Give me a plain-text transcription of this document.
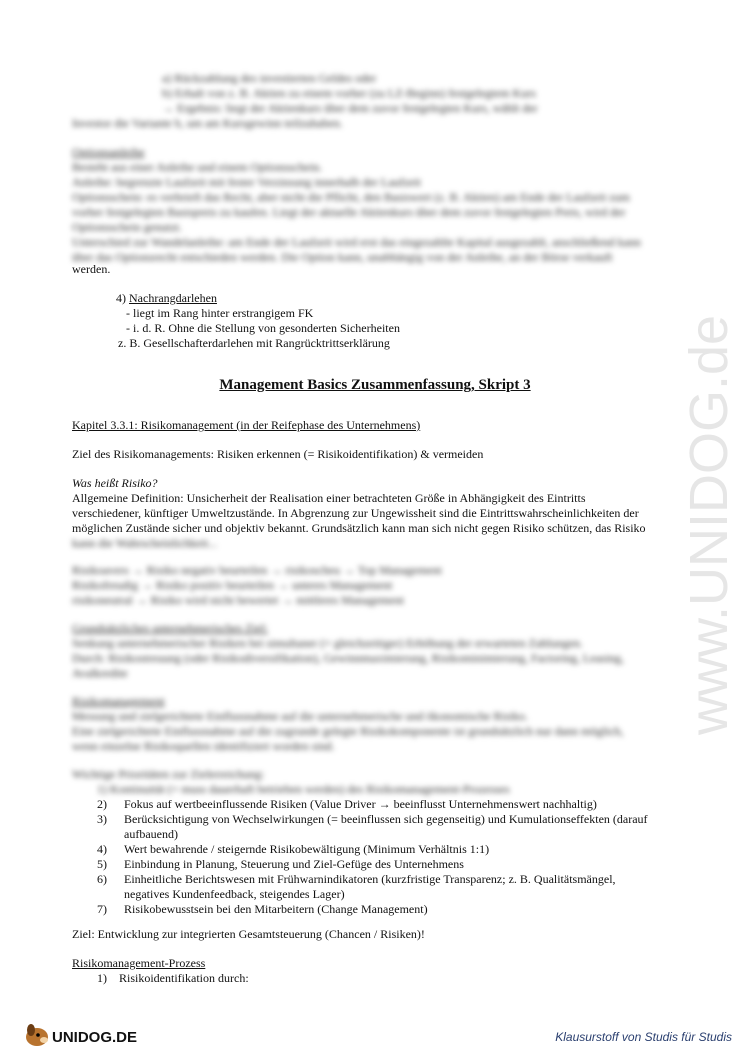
a) Rückzahlung des investierten Geldes oder
b) Erhalt von z. B. Aktien zu einem vorher (zu LZ-Beginn) festgelegtem Kurs
→ Ergebnis: liegt der Aktienkurs über dem zuvor festgelegten Kurs, wählt der
Investor die Variante b, um am Kursgewinn teilzuhaben.
Optionsanleihe
Besteht aus einer Anleihe und einem Optionsschein.
Anleihe: begrenzte Laufzeit mit fester Verzinsung innerhalb der Laufzeit
Optionsschein: es verbrieft das Recht, aber nicht die Pflicht, den Basiswert (z. B. Aktien) am Ende der Laufzeit zum
vorher festgelegten Basispreis zu kaufen. Liegt der aktuelle Aktienkurs über dem zuvor festgelegten Preis, wird der
Optionsschein genutzt.
Unterschied zur Wandelanleihe: am Ende der Laufzeit wird erst das eingezahlte Kapital ausgezahlt, anschließend kann
über das Optionsrecht entschieden werden. Die Option kann, unabhängig von der Anleihe, an der Börse verkauft
werden.
4) Nachrangdarlehen
- liegt im Rang hinter erstrangigem FK
- i. d. R. Ohne die Stellung von gesonderten Sicherheiten
z. B. Gesellschafterdarlehen mit Rangrücktrittserklärung
Management Basics Zusammenfassung, Skript 3
Kapitel 3.3.1: Risikomanagement (in der Reifephase des Unternehmens)
Ziel des Risikomanagements: Risiken erkennen (= Risikoidentifikation) & vermeiden
Was heißt Risiko?
Allgemeine Definition: Unsicherheit der Realisation einer betrachteten Größe in Abhängigkeit des Eintritts
verschiedener, künftiger Umweltzustände. In Abgrenzung zur Ungewissheit sind die Eintrittswahrscheinlichkeiten der
möglichen Zustände sicher und objektiv bekannt. Grundsätzlich kann man sich nicht gegen Risiko schützen, das Risiko
kann die Wahrscheinlichkeit...
Risikoavers → Risiko negativ beurteilen → risikoscheu → Top Management
Risikofreudig → Risiko positiv beurteilen → unteres Management
risikoneutral → Risiko wird nicht bewertet → mittleres Management
Grundsätzliches unternehmerisches Ziel:
Senkung unternehmerischer Risiken bei simultaner (= gleichzeitiger) Erhöhung der erwarteten Zahlungen.
Durch: Risikostreuung (oder Risikodiversifikation), Gewinnmaximierung, Risikominimierung, Factoring, Leasing,
Avalkredite
Risikomanagement
Messung und zielgerichtete Einflussnahme auf die unternehmerische und ökonomische Risiko.
Eine zielgerichtete Einflussnahme auf die zugrunde gelegte Risikokomponente ist grundsätzlich nur dann möglich,
wenn einzelne Risikoquellen identifiziert worden sind.
Wichtige Prioritäten zur Zielerreichung:
1) Kontinuität (= muss dauerhaft betrieben werden) des Risikomanagement-Prozesses
2) Fokus auf wertbeeinflussende Risiken (Value Driver → beeinflusst Unternehmenswert nachhaltig)
3) Berücksichtigung von Wechselwirkungen (= beeinflussen sich gegenseitig) und Kumulationseffekten (darauf
aufbauend)
4) Wert bewahrende / steigernde Risikobewältigung (Minimum Verhältnis 1:1)
5) Einbindung in Planung, Steuerung und Ziel-Gefüge des Unternehmens
6) Einheitliche Berichtswesen mit Frühwarnindikatoren (kurzfristige Transparenz; z. B. Qualitätsmängel,
negatives Kundenfeedback, steigendes Lager)
7) Risikobewusstsein bei den Mitarbeitern (Change Management)
Ziel: Entwicklung zur integrierten Gesamtsteuerung (Chancen / Risiken)!
Risikomanagement-Prozess
1) Risikoidentifikation durch:
www.UNIDOG.de
UNIDOG.DE	Klausurstoff von Studis für Studis
